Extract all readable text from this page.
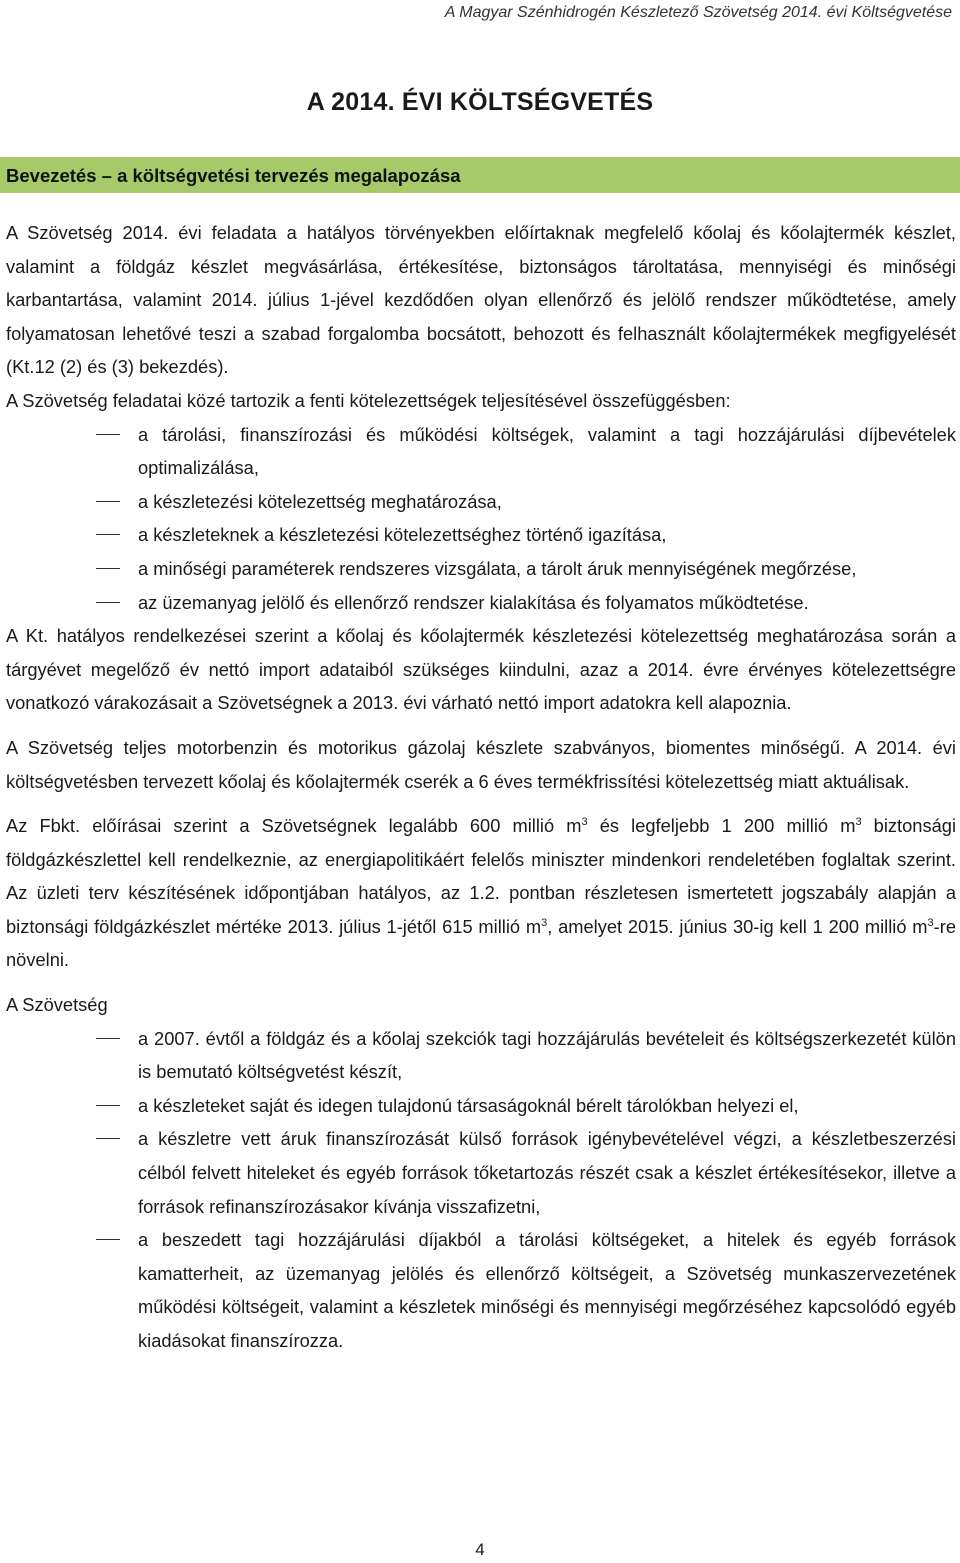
A Magyar Szénhidrogén Készletező Szövetség 2014. évi Költségvetése
A 2014. ÉVI KÖLTSÉGVETÉS
Bevezetés – a költségvetési tervezés megalapozása

A Szövetség 2014. évi feladata a hatályos törvényekben előírtaknak megfelelő kőolaj és kőolajtermék készlet, valamint a földgáz készlet megvásárlása, értékesítése, biztonságos tároltatása, mennyiségi és minőségi karbantartása, valamint 2014. július 1-jével kezdődően olyan ellenőrző és jelölő rendszer működtetése, amely folyamatosan lehetővé teszi a szabad forgalomba bocsátott, behozott és felhasznált kőolajtermékek megfigyelését (Kt.12 (2) és (3) bekezdés).

A Szövetség feladatai közé tartozik a fenti kötelezettségek teljesítésével összefüggésben:

a tárolási, finanszírozási és működési költségek, valamint a tagi hozzájárulási díjbevételek optimalizálása,
a készletezési kötelezettség meghatározása,
a készleteknek a készletezési kötelezettséghez történő igazítása,
a minőségi paraméterek rendszeres vizsgálata, a tárolt áruk mennyiségének megőrzése,
az üzemanyag jelölő és ellenőrző rendszer kialakítása és folyamatos működtetése.

A Kt. hatályos rendelkezései szerint a kőolaj és kőolajtermék készletezési kötelezettség meghatározása során a tárgyévet megelőző év nettó import adataiból szükséges kiindulni, azaz a 2014. évre érvényes kötelezettségre vonatkozó várakozásait a Szövetségnek a 2013. évi várható nettó import adatokra kell alapoznia.

A Szövetség teljes motorbenzin és motorikus gázolaj készlete szabványos, biomentes minőségű. A 2014. évi költségvetésben tervezett kőolaj és kőolajtermék cserék a 6 éves termékfrissítési kötelezettség miatt aktuálisak.

Az Fbkt. előírásai szerint a Szövetségnek legalább 600 millió $m^3$ és legfeljebb 1 200 millió $m^3$ biztonsági földgázkészlettel kell rendelkeznie, az energiapolitikáért felelős miniszter mindenkori rendeletében foglaltak szerint. Az üzleti terv készítésének időpontjában hatályos, az 1.2. pontban részletesen ismertetett jogszabály alapján a biztonsági földgázkészlet mértéke 2013. július 1-jétől 615 millió $m^3$, amelyet 2015. június 30-ig kell 1 200 millió $m^3-re$ növelni.

A Szövetség

a 2007. évtől a földgáz és a kőolaj szekciók tagi hozzájárulás bevételeit és költségszerkezetét külön is bemutató költségvetést készít,
a készleteket saját és idegen tulajdonú társaságoknál bérelt tárolókban helyezi el,
a készletre vett áruk finanszírozását külső források igénybevételével végzi, a készletbeszerzési célból felvett hiteleket és egyéb források tőketartozás részét csak a készlet értékesítésekor, illetve a források refinanszírozásakor kívánja visszafizetni,
a beszedett tagi hozzájárulási díjakból a tárolási költségeket, a hitelek és egyéb források kamatterheit, az üzemanyag jelölés és ellenőrző költségeit, a Szövetség munkaszervezetének működési költségeit, valamint a készletek minőségi és mennyiségi megőrzéséhez kapcsolódó egyéb kiadásokat finanszírozza.
4
